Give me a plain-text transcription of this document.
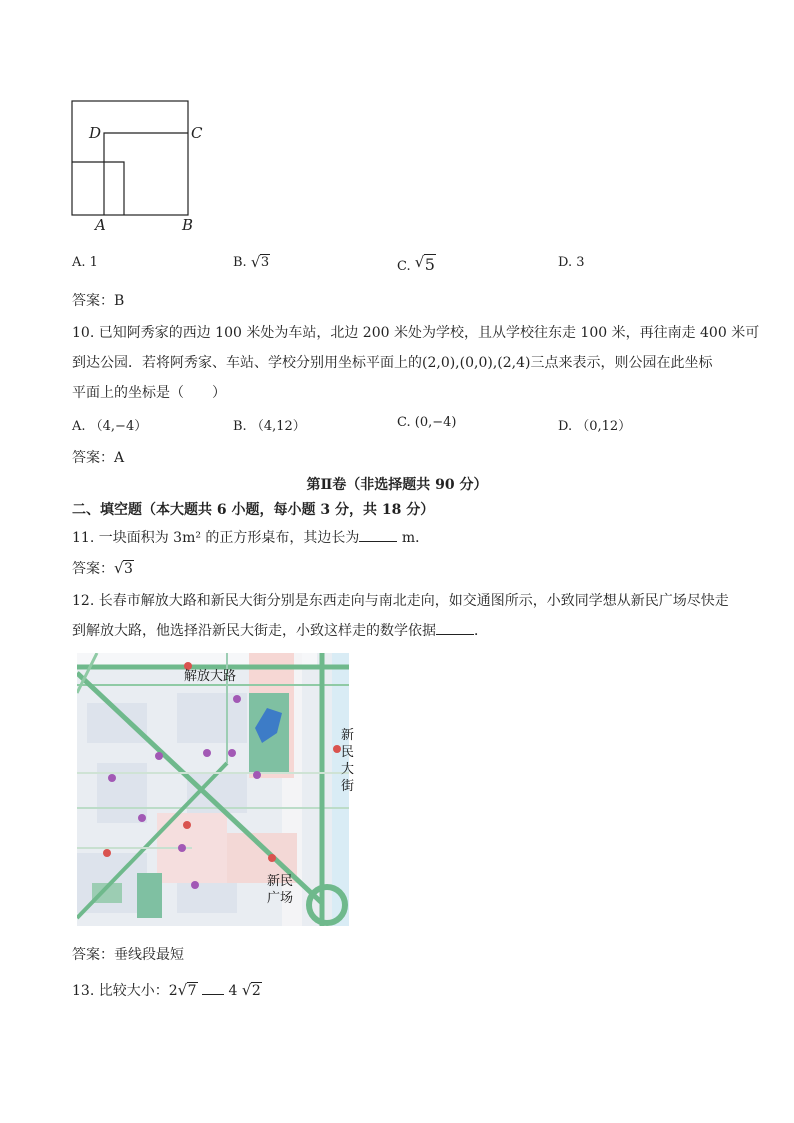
D	C
A	B
A. 1	B. √ 3	C. √ 5	D. 3
答案：B
10. 已知阿秀家的西边 100 米处为车站，北边 200 米处为学校，且从学校往东走 100 米，再往南走 400 米可
到达公园．若将阿秀家、车站、学校分别用坐标平面上的(2,0),(0,0),(2,4)三点来表示，则公园在此坐标
平面上的坐标是（　　）
A. （4,−4）	B. （4,12）	C. (0,−4)	D. （0,12）
答案：A
第Ⅱ卷（非选择题共 90 分）
二、填空题（本大题共 6 小题，每小题 3 分，共 18 分）
11. 一块面积为 3m² 的正方形桌布，其边长为	m．
答案： √ 3
12. 长春市解放大路和新民大街分别是东西走向与南北走向，如交通图所示，小致同学想从新民广场尽快走
到解放大路，他选择沿新民大街走，小致这样走的数学依据	．
解放大路
新
民
大
街
新民
广场
答案：垂线段最短
13. 比较大小：2 √ 7 4 √ 2
